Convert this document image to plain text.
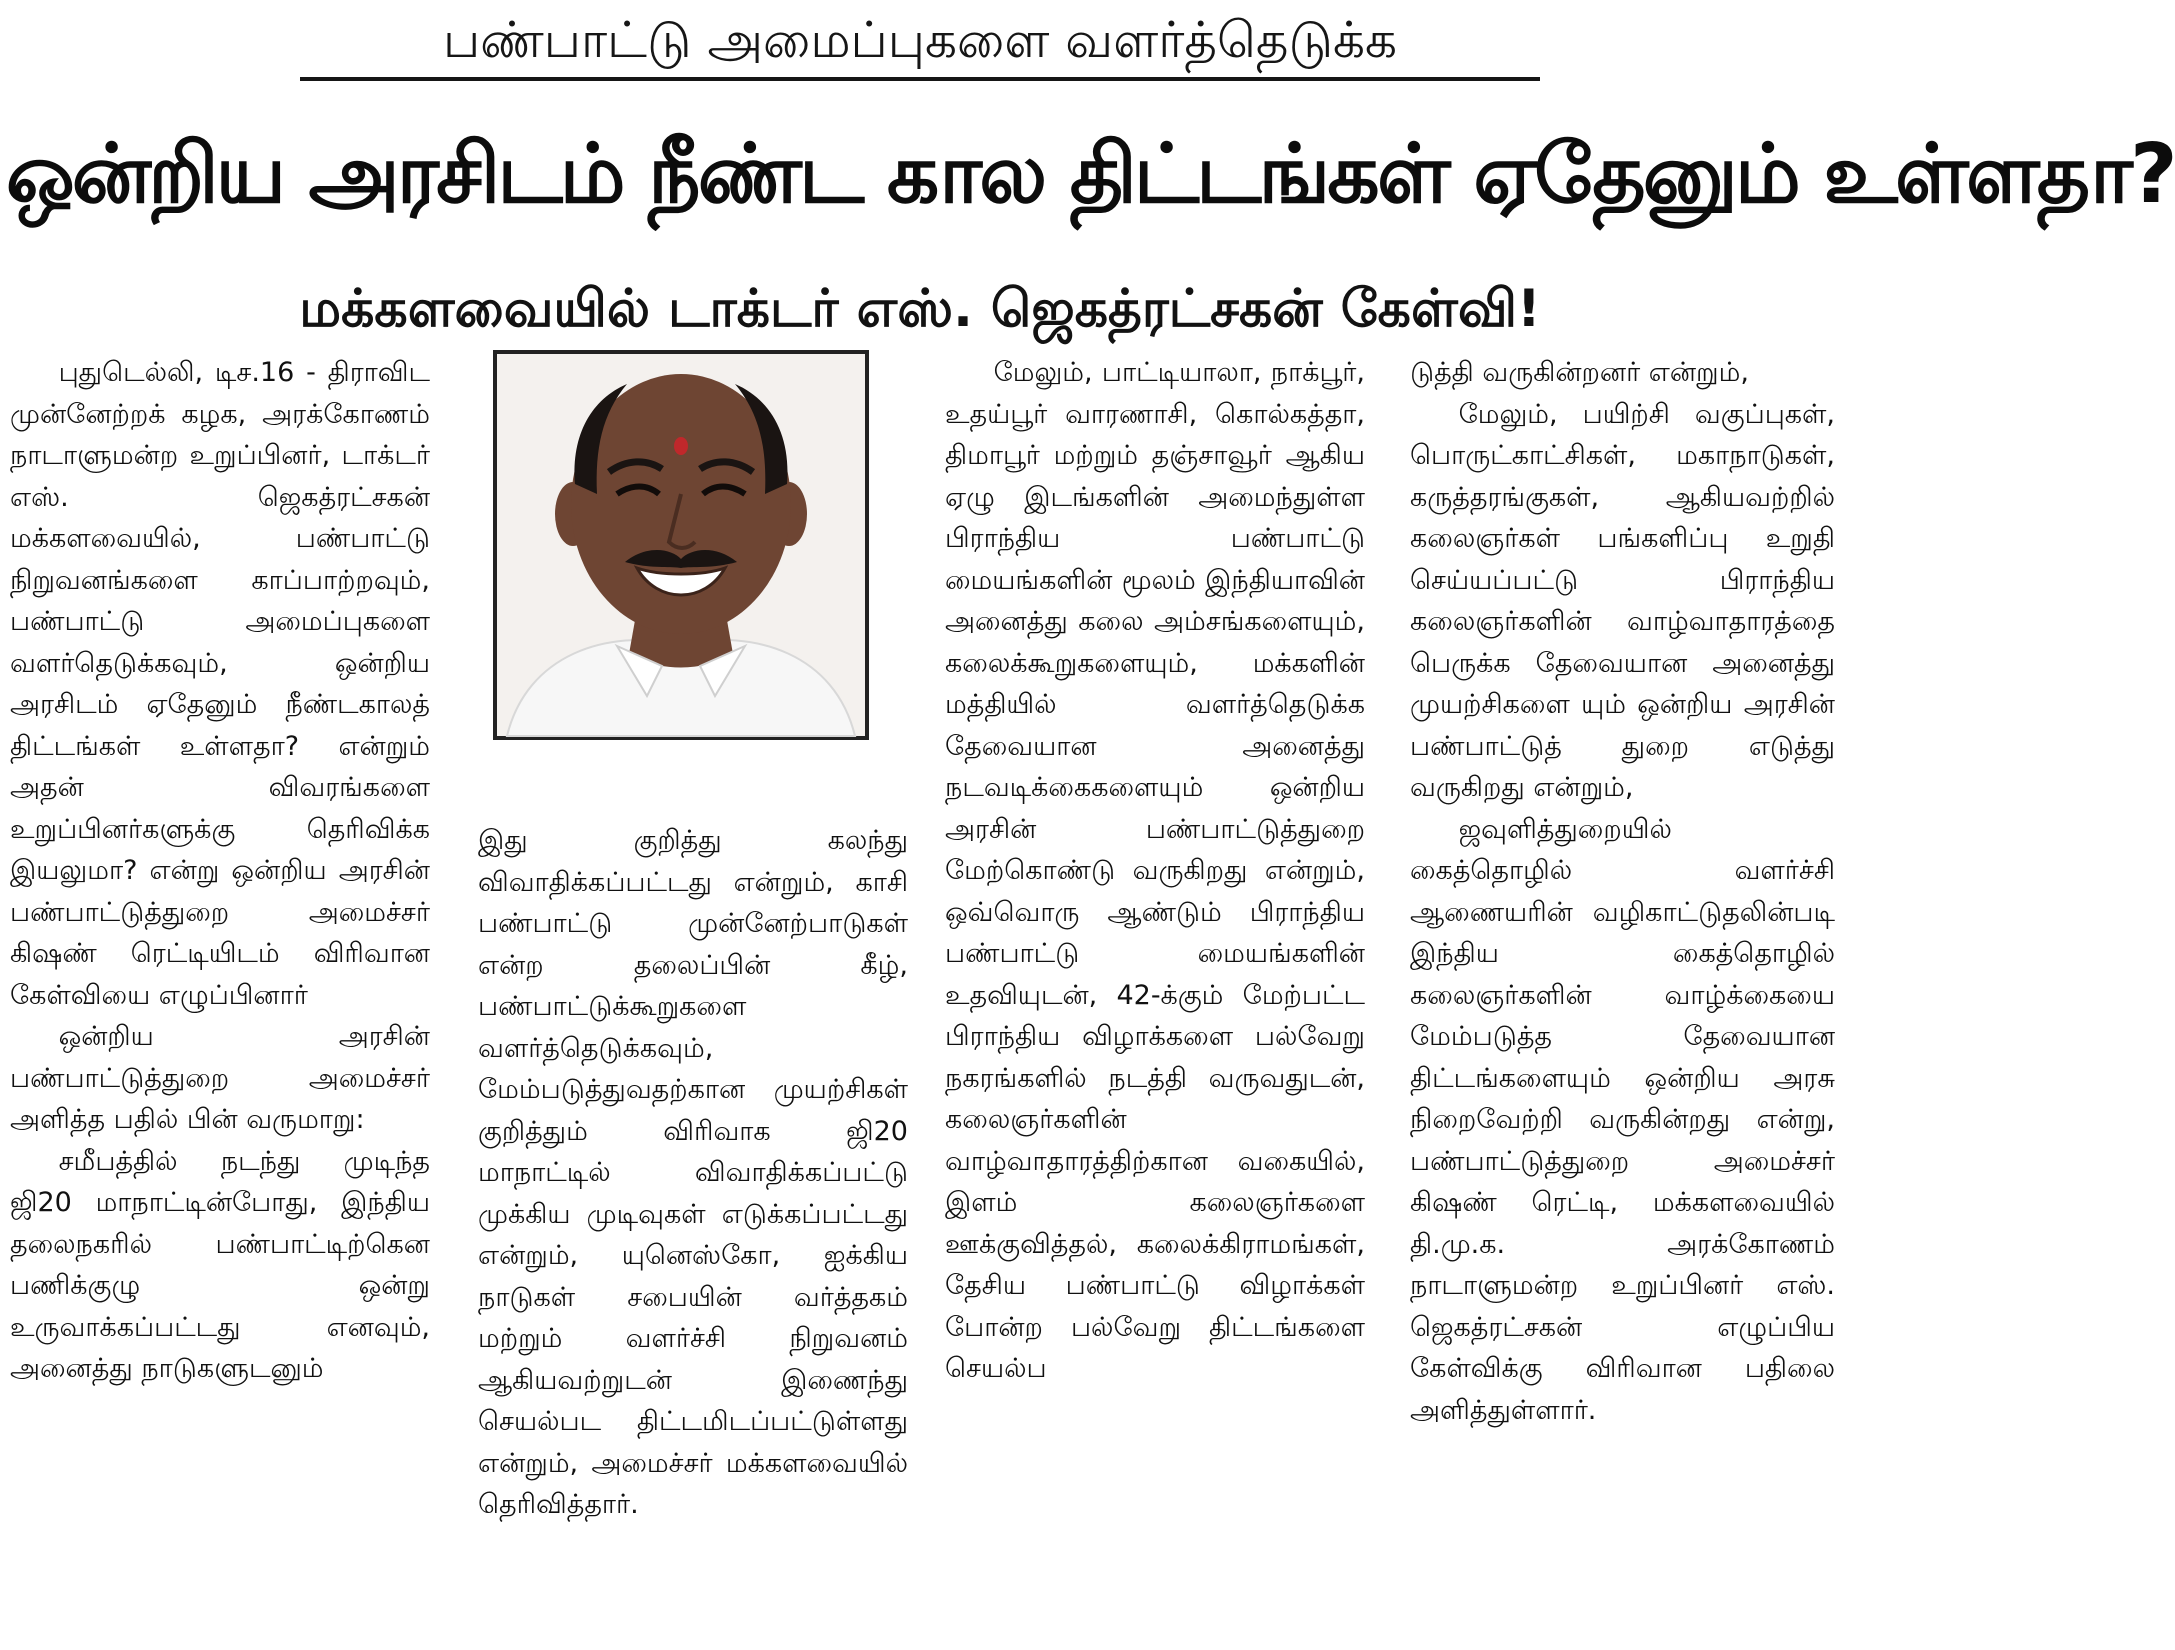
பண்பாட்டு அமைப்புகளை வளர்த்தெடுக்க
ஒன்றிய அரசிடம் நீண்ட கால திட்டங்கள் ஏதேனும் உள்ளதா?
மக்களவையில் டாக்டர் எஸ். ஜெகத்ரட்சகன் கேள்வி!

புதுடெல்லி, டிச.16 - திராவிட முன்னேற்றக் கழக, அரக்கோணம் நாடாளுமன்ற உறுப்பினர், டாக்டர் எஸ். ஜெகத்ரட்சகன் மக்களவையில், பண்பாட்டு நிறுவனங்களை காப்பாற்றவும், பண்பாட்டு அமைப்புகளை வளர்தெடுக்கவும், ஒன்றிய அரசிடம் ஏதேனும் நீண்டகாலத் திட்டங்கள் உள்ளதா? என்றும் அதன் விவரங்களை உறுப்பினர்களுக்கு தெரிவிக்க இயலுமா? என்று ஒன்றிய அரசின் பண்பாட்டுத்துறை அமைச்சர் கிஷண் ரெட்டியிடம் விரிவான கேள்வியை எழுப்பினார்

ஒன்றிய அரசின் பண்பாட்டுத்துறை அமைச்சர் அளித்த பதில் பின் வருமாறு:

சமீபத்தில் நடந்து முடிந்த ஜி20 மாநாட்டின்போது, இந்திய தலைநகரில் பண்பாட்டிற்கென பணிக்குழு ஒன்று உருவாக்கப்பட்டது எனவும், அனைத்து நாடுகளுடனும்

இது குறித்து கலந்து விவாதிக்கப்பட்டது என்றும், காசி பண்பாட்டு முன்னேற்பாடுகள் என்ற தலைப்பின் கீழ், பண்பாட்டுக்கூறுகளை வளர்த்தெடுக்கவும், மேம்படுத்துவதற்கான முயற்சிகள் குறித்தும் விரிவாக ஜி20 மாநாட்டில் விவாதிக்கப்பட்டு முக்கிய முடிவுகள் எடுக்கப்பட்டது என்றும், யுனெஸ்கோ, ஐக்கிய நாடுகள் சபையின் வர்த்தகம் மற்றும் வளர்ச்சி நிறுவனம் ஆகியவற்றுடன் இணைந்து செயல்பட திட்டமிடப்பட்டுள்ளது என்றும், அமைச்சர் மக்களவையில் தெரிவித்தார்.

மேலும், பாட்டியாலா, நாக்பூர், உதய்பூர் வாரணாசி, கொல்கத்தா, திமாபூர் மற்றும் தஞ்சாவூர் ஆகிய ஏழு இடங்களின் அமைந்துள்ள பிராந்திய பண்பாட்டு மையங்களின் மூலம் இந்தியாவின் அனைத்து கலை அம்சங்களையும், கலைக்கூறுகளையும், மக்களின் மத்தியில் வளர்த்தெடுக்க தேவையான அனைத்து நடவடிக்கைகளையும் ஒன்றிய அரசின் பண்பாட்டுத்துறை மேற்கொண்டு வருகிறது என்றும், ஒவ்வொரு ஆண்டும் பிராந்திய பண்பாட்டு மையங்களின் உதவியுடன், 42-க்கும் மேற்பட்ட பிராந்திய விழாக்களை பல்வேறு நகரங்களில் நடத்தி வருவதுடன், கலைஞர்களின் வாழ்வாதாரத்திற்கான வகையில், இளம் கலைஞர்களை ஊக்குவித்தல், கலைக்கிராமங்கள், தேசிய பண்பாட்டு விழாக்கள் போன்ற பல்வேறு திட்டங்களை செயல்ப

டுத்தி வருகின்றனர் என்றும்,

மேலும், பயிற்சி வகுப்புகள், பொருட்காட்சிகள், மகாநாடுகள், கருத்தரங்குகள், ஆகியவற்றில் கலைஞர்கள் பங்களிப்பு உறுதி செய்யப்பட்டு பிராந்திய கலைஞர்களின் வாழ்வாதாரத்தை பெருக்க தேவையான அனைத்து முயற்சிகளை யும் ஒன்றிய அரசின் பண்பாட்டுத் துறை எடுத்து வருகிறது என்றும்,

ஜவுளித்துறையில் கைத்தொழில் வளர்ச்சி ஆணையரின் வழிகாட்டுதலின்படி இந்திய கைத்தொழில் கலைஞர்களின் வாழ்க்கையை மேம்படுத்த தேவையான திட்டங்களையும் ஒன்றிய அரசு நிறைவேற்றி வருகின்றது என்று, பண்பாட்டுத்துறை அமைச்சர் கிஷண் ரெட்டி, மக்களவையில் தி.மு.க. அரக்கோணம் நாடாளுமன்ற உறுப்பினர் எஸ். ஜெகத்ரட்சகன் எழுப்பிய கேள்விக்கு விரிவான பதிலை அளித்துள்ளார்.
